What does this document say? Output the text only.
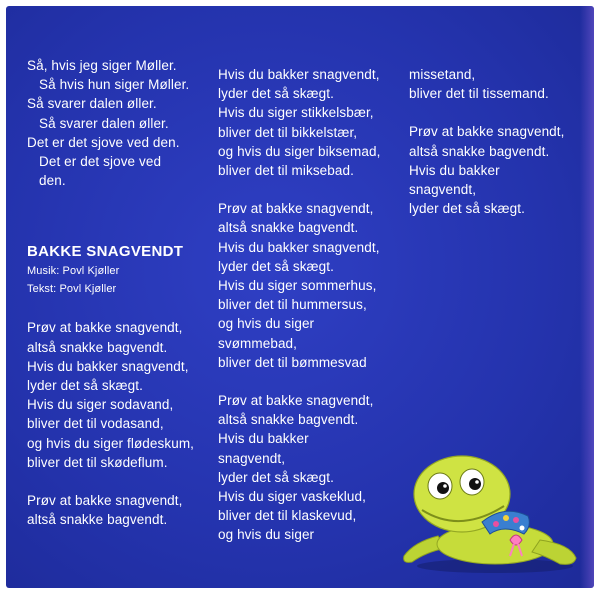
Så, hvis jeg siger Møller.
Så hvis hun siger Møller.
Så svarer dalen øller.
Så svarer dalen øller.
Det er det sjove ved den.
Det er det sjove ved
den.
BAKKE SNAGVENDT
Musik: Povl Kjøller
Tekst: Povl Kjøller
Prøv at bakke snagvendt,
altså snakke bagvendt.
Hvis du bakker snagvendt,
lyder det så skægt.
Hvis du siger sodavand,
bliver det til vodasand,
og hvis du siger flødeskum,
bliver det til skødeflum.
Prøv at bakke snagvendt,
altså snakke bagvendt.
Hvis du bakker snagvendt,
lyder det så skægt.
Hvis du siger stikkelsbær,
bliver det til bikkelstær,
og hvis du siger biksemad,
bliver det til miksebad.
Prøv at bakke snagvendt,
altså snakke bagvendt.
Hvis du bakker snagvendt,
lyder det så skægt.
Hvis du siger sommerhus,
bliver det til hummersus,
og hvis du siger
svømmebad,
bliver det til bømmesvad
Prøv at bakke snagvendt,
altså snakke bagvendt.
Hvis du bakker
snagvendt,
lyder det så skægt.
Hvis du siger vaskeklud,
bliver det til klaskevud,
og hvis du siger
missetand,
bliver det til tissemand.
Prøv at bakke snagvendt,
altså snakke bagvendt.
Hvis du bakker
snagvendt,
lyder det så skægt.
